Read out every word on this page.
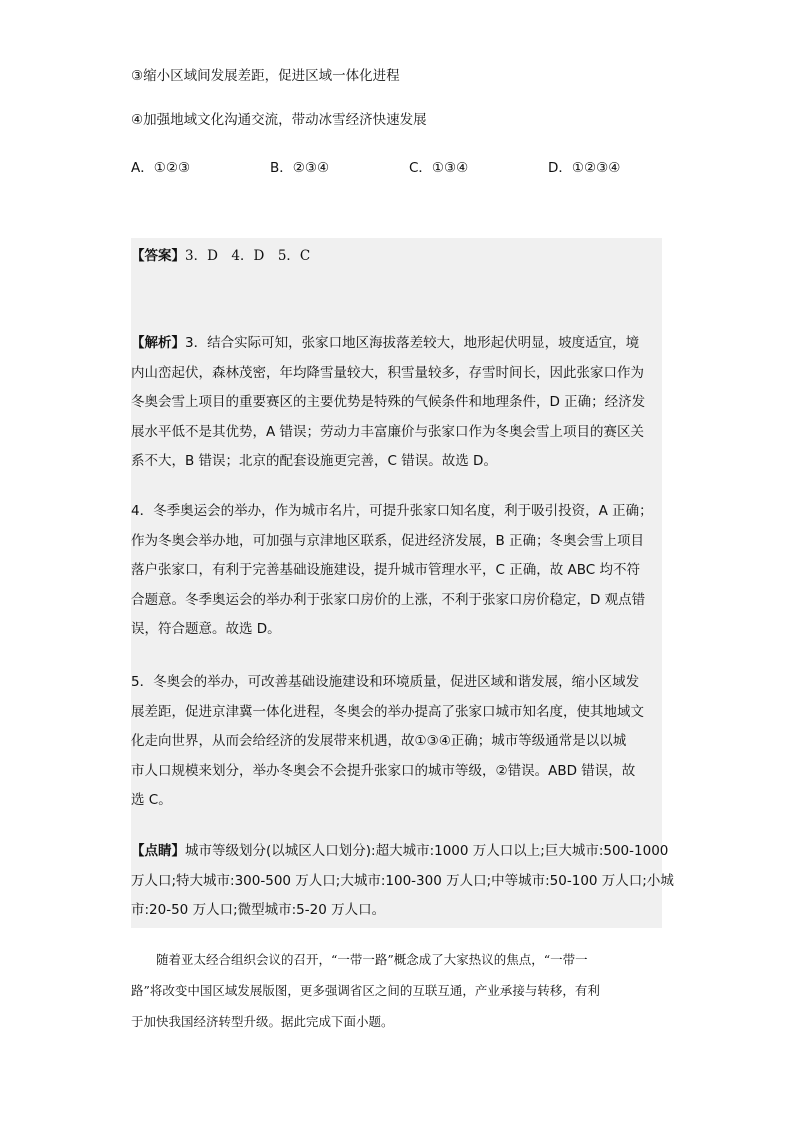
③缩小区域间发展差距，促进区域一体化进程
④加强地域文化沟通交流，带动冰雪经济快速发展
A．①②③	B．②③④	C．①③④	D．①②③④
【答案】3．D　4．D　5．C
【解析】3．结合实际可知，张家口地区海拔落差较大，地形起伏明显，坡度适宜，境
内山峦起伏，森林茂密，年均降雪量较大，积雪量较多，存雪时间长，因此张家口作为
冬奥会雪上项目的重要赛区的主要优势是特殊的气候条件和地理条件，D 正确；经济发
展水平低不是其优势，A 错误；劳动力丰富廉价与张家口作为冬奥会雪上项目的赛区关
系不大，B 错误；北京的配套设施更完善，C 错误。故选 D。
4．冬季奥运会的举办，作为城市名片，可提升张家口知名度，利于吸引投资，A 正确；
作为冬奥会举办地，可加强与京津地区联系，促进经济发展，B 正确；冬奥会雪上项目
落户张家口，有利于完善基础设施建设，提升城市管理水平，C 正确，故 ABC 均不符
合题意。冬季奥运会的举办利于张家口房价的上涨，不利于张家口房价稳定，D 观点错
误，符合题意。故选 D。
5．冬奥会的举办，可改善基础设施建设和环境质量，促进区域和谐发展，缩小区域发
展差距，促进京津冀一体化进程，冬奥会的举办提高了张家口城市知名度，使其地域文
化走向世界，从而会给经济的发展带来机遇，故①③④正确；城市等级通常是以以城
市人口规模来划分，举办冬奥会不会提升张家口的城市等级，②错误。ABD 错误，故
选 C。
【点睛】城市等级划分(以城区人口划分):超大城市:1000 万人口以上;巨大城市:500-1000
万人口;特大城市:300-500 万人口;大城市:100-300 万人口;中等城市:50-100 万人口;小城
市:20-50 万人口;微型城市:5-20 万人口。
　　随着亚太经合组织会议的召开，“一带一路”概念成了大家热议的焦点，“一带一
路”将改变中国区域发展版图，更多强调省区之间的互联互通，产业承接与转移，有利
于加快我国经济转型升级。据此完成下面小题。
